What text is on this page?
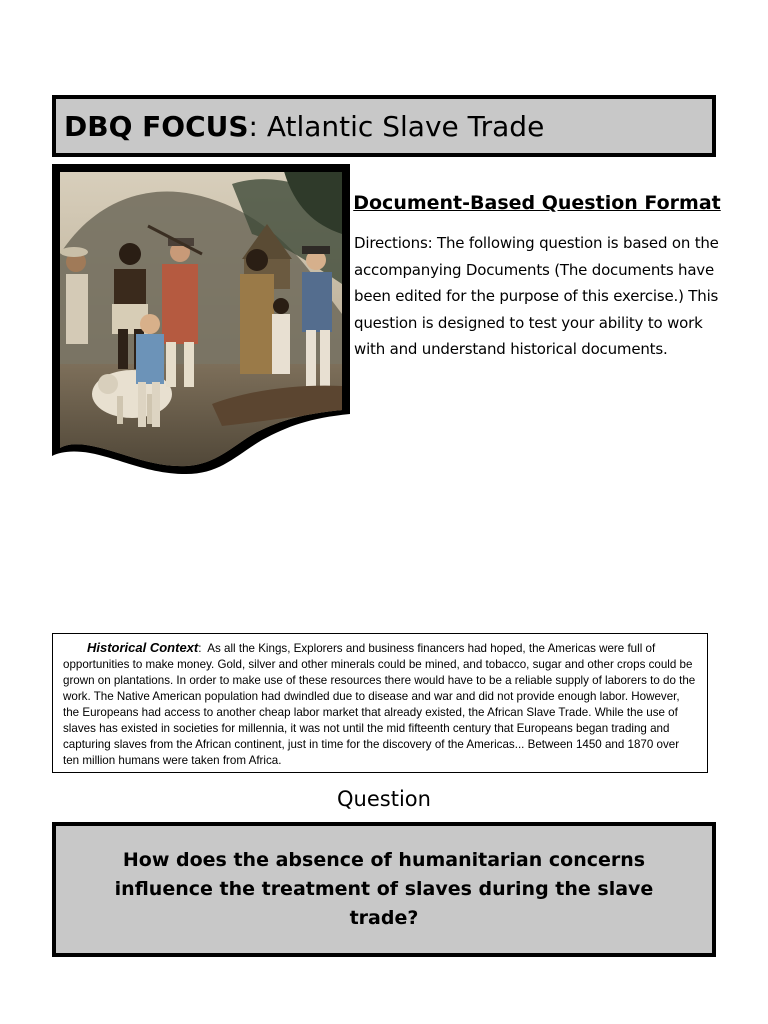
DBQ FOCUS: Atlantic Slave Trade
Document-Based Question Format
Directions: The following question is based on the accompanying Documents (The documents have been edited for the purpose of this exercise.) This question is designed to test your ability to work with and understand historical documents.
Historical Context:  As all the Kings, Explorers and business financers had hoped, the Americas were full of opportunities to make money. Gold, silver and other minerals could be mined, and tobacco, sugar and other crops could be grown on plantations. In order to make use of these resources there would have to be a reliable supply of laborers to do the work. The Native American population had dwindled due to disease and war and did not provide enough labor. However, the Europeans had access to another cheap labor market that already existed, the African Slave Trade. While the use of slaves has existed in societies for millennia, it was not until the mid fifteenth century that Europeans began trading and capturing slaves from the African continent, just in time for the discovery of the Americas... Between 1450 and 1870 over ten million humans were taken from Africa.
Question
How does the absence of humanitarian concerns influence the treatment of slaves during the slave trade?
